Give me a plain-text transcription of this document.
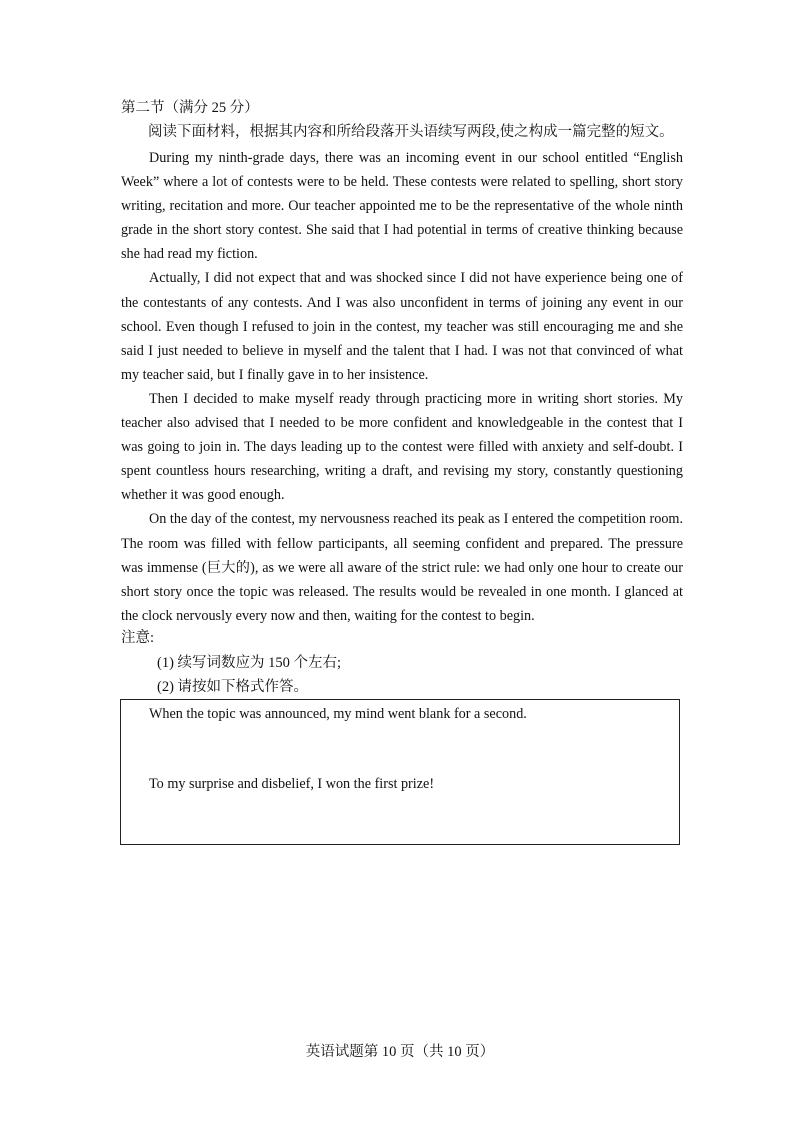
第二节（满分 25 分）
阅读下面材料，根据其内容和所给段落开头语续写两段,使之构成一篇完整的短文。

During my ninth-grade days, there was an incoming event in our school entitled “English Week” where a lot of contests were to be held. These contests were related to spelling, short story writing, recitation and more. Our teacher appointed me to be the representative of the whole ninth grade in the short story contest. She said that I had potential in terms of creative thinking because she had read my fiction.

Actually, I did not expect that and was shocked since I did not have experience being one of the contestants of any contests. And I was also unconfident in terms of joining any event in our school. Even though I refused to join in the contest, my teacher was still encouraging me and she said I just needed to believe in myself and the talent that I had. I was not that convinced of what my teacher said, but I finally gave in to her insistence.

Then I decided to make myself ready through practicing more in writing short stories. My teacher also advised that I needed to be more confident and knowledgeable in the contest that I was going to join in. The days leading up to the contest were filled with anxiety and self-doubt. I spent countless hours researching, writing a draft, and revising my story, constantly questioning whether it was good enough.

On the day of the contest, my nervousness reached its peak as I entered the competition room. The room was filled with fellow participants, all seeming confident and prepared. The pressure was immense (巨大的), as we were all aware of the strict rule: we had only one hour to create our short story once the topic was released. The results would be revealed in one month. I glanced at the clock nervously every now and then, waiting for the contest to begin.

注意:
(1) 续写词数应为 150 个左右;
(2) 请按如下格式作答。
When the topic was announced, my mind went blank for a second.
To my surprise and disbelief, I won the first prize!
英语试题第 10 页（共 10 页）
